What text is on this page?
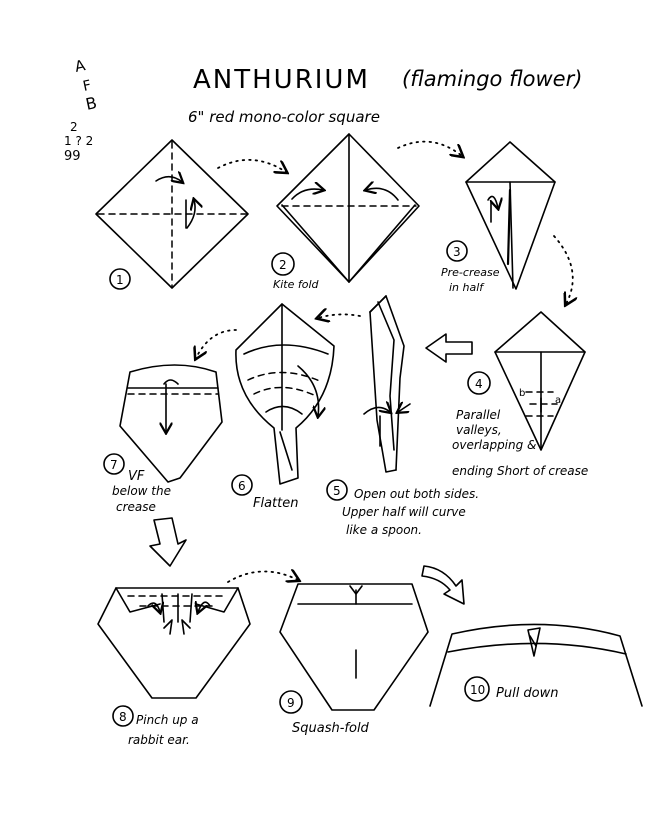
A
F
B
2
1 ? 2
99
ANTHURIUM (flamingo flower)
6" red mono-color square
1
2
Kite fold
3
Pre-crease
in half
b
a
4
Parallel
valleys,
overlapping &
ending Short of crease
5 Open out both sides.
Upper half will curve
like a spoon.
6
Flatten
7
VF
below the
crease
8 Pinch up a
rabbit ear.
9
Squash-fold
10 Pull down
